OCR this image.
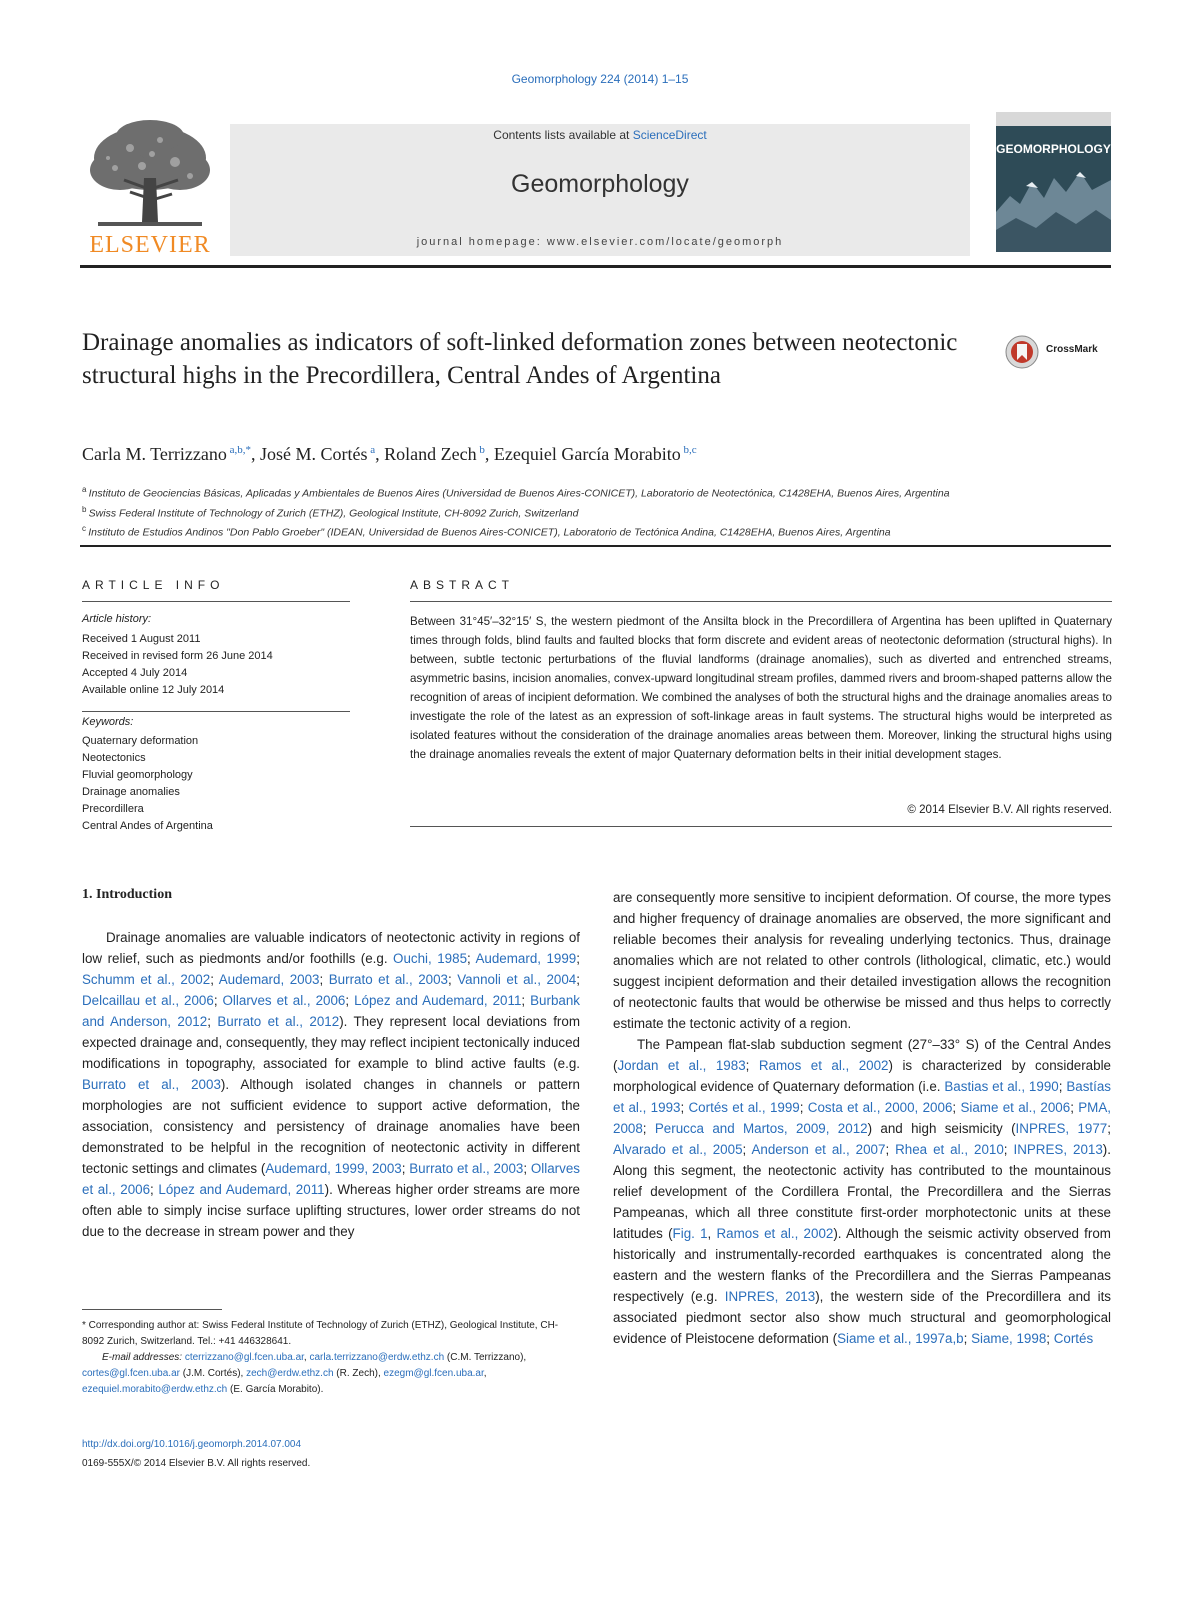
Geomorphology 224 (2014) 1–15
ELSEVIER
Contents lists available at ScienceDirect
Geomorphology
journal homepage: www.elsevier.com/locate/geomorph
GEOMORPHOLOGY
Drainage anomalies as indicators of soft-linked deformation zones between neotectonic structural highs in the Precordillera, Central Andes of Argentina
CrossMark
Carla M. Terrizzano $^{a,b,*}$, José M. Cortés $^a$, Roland Zech $^b$, Ezequiel García Morabito $^{b,c}$
$^a$ Instituto de Geociencias Básicas, Aplicadas y Ambientales de Buenos Aires (Universidad de Buenos Aires-CONICET), Laboratorio de Neotectónica, C1428EHA, Buenos Aires, Argentina
$^b$ Swiss Federal Institute of Technology of Zurich (ETHZ), Geological Institute, CH-8092 Zurich, Switzerland
$^c$ Instituto de Estudios Andinos "Don Pablo Groeber" (IDEAN, Universidad de Buenos Aires-CONICET), Laboratorio de Tectónica Andina, C1428EHA, Buenos Aires, Argentina
ARTICLE INFO
Article history:
Received 1 August 2011
Received in revised form 26 June 2014
Accepted 4 July 2014
Available online 12 July 2014
Keywords:
Quaternary deformation
Neotectonics
Fluvial geomorphology
Drainage anomalies
Precordillera
Central Andes of Argentina
ABSTRACT

Between 31°45′–32°15′ S, the western piedmont of the Ansilta block in the Precordillera of Argentina has been uplifted in Quaternary times through folds, blind faults and faulted blocks that form discrete and evident areas of neotectonic deformation (structural highs). In between, subtle tectonic perturbations of the fluvial landforms (drainage anomalies), such as diverted and entrenched streams, asymmetric basins, incision anomalies, convex-upward longitudinal stream profiles, dammed rivers and broom-shaped patterns allow the recognition of areas of incipient deformation. We combined the analyses of both the structural highs and the drainage anomalies areas to investigate the role of the latest as an expression of soft-linkage areas in fault systems. The structural highs would be interpreted as isolated features without the consideration of the drainage anomalies areas between them. Moreover, linking the structural highs using the drainage anomalies reveals the extent of major Quaternary deformation belts in their initial development stages.

© 2014 Elsevier B.V. All rights reserved.
1. Introduction

Drainage anomalies are valuable indicators of neotectonic activity in regions of low relief, such as piedmonts and/or foothills (e.g. Ouchi, 1985; Audemard, 1999; Schumm et al., 2002; Audemard, 2003; Burrato et al., 2003; Vannoli et al., 2004; Delcaillau et al., 2006; Ollarves et al., 2006; López and Audemard, 2011; Burbank and Anderson, 2012; Burrato et al., 2012). They represent local deviations from expected drainage and, consequently, they may reflect incipient tectonically induced modifications in topography, associated for example to blind active faults (e.g. Burrato et al., 2003). Although isolated changes in channels or pattern morphologies are not sufficient evidence to support active deformation, the association, consistency and persistency of drainage anomalies have been demonstrated to be helpful in the recognition of neotectonic activity in different tectonic settings and climates (Audemard, 1999, 2003; Burrato et al., 2003; Ollarves et al., 2006; López and Audemard, 2011). Whereas higher order streams are more often able to simply incise surface uplifting structures, lower order streams do not due to the decrease in stream power and they

are consequently more sensitive to incipient deformation. Of course, the more types and higher frequency of drainage anomalies are observed, the more significant and reliable becomes their analysis for revealing underlying tectonics. Thus, drainage anomalies which are not related to other controls (lithological, climatic, etc.) would suggest incipient deformation and their detailed investigation allows the recognition of neotectonic faults that would be otherwise be missed and thus helps to correctly estimate the tectonic activity of a region.

The Pampean flat-slab subduction segment (27°–33° S) of the Central Andes (Jordan et al., 1983; Ramos et al., 2002) is characterized by considerable morphological evidence of Quaternary deformation (i.e. Bastias et al., 1990; Bastías et al., 1993; Cortés et al., 1999; Costa et al., 2000, 2006; Siame et al., 2006; PMA, 2008; Perucca and Martos, 2009, 2012) and high seismicity (INPRES, 1977; Alvarado et al., 2005; Anderson et al., 2007; Rhea et al., 2010; INPRES, 2013). Along this segment, the neotectonic activity has contributed to the mountainous relief development of the Cordillera Frontal, the Precordillera and the Sierras Pampeanas, which all three constitute first-order morphotectonic units at these latitudes (Fig. 1, Ramos et al., 2002). Although the seismic activity observed from historically and instrumentally-recorded earthquakes is concentrated along the eastern and the western flanks of the Precordillera and the Sierras Pampeanas respectively (e.g. INPRES, 2013), the western side of the Precordillera and its associated piedmont sector also show much structural and geomorphological evidence of Pleistocene deformation (Siame et al., 1997a,b; Siame, 1998; Cortés

* Corresponding author at: Swiss Federal Institute of Technology of Zurich (ETHZ), Geological Institute, CH-8092 Zurich, Switzerland. Tel.: +41 446328641.
E-mail addresses: cterrizzano@gl.fcen.uba.ar, carla.terrizzano@erdw.ethz.ch (C.M. Terrizzano), cortes@gl.fcen.uba.ar (J.M. Cortés), zech@erdw.ethz.ch (R. Zech), ezegm@gl.fcen.uba.ar, ezequiel.morabito@erdw.ethz.ch (E. García Morabito).
http://dx.doi.org/10.1016/j.geomorph.2014.07.004
0169-555X/© 2014 Elsevier B.V. All rights reserved.
